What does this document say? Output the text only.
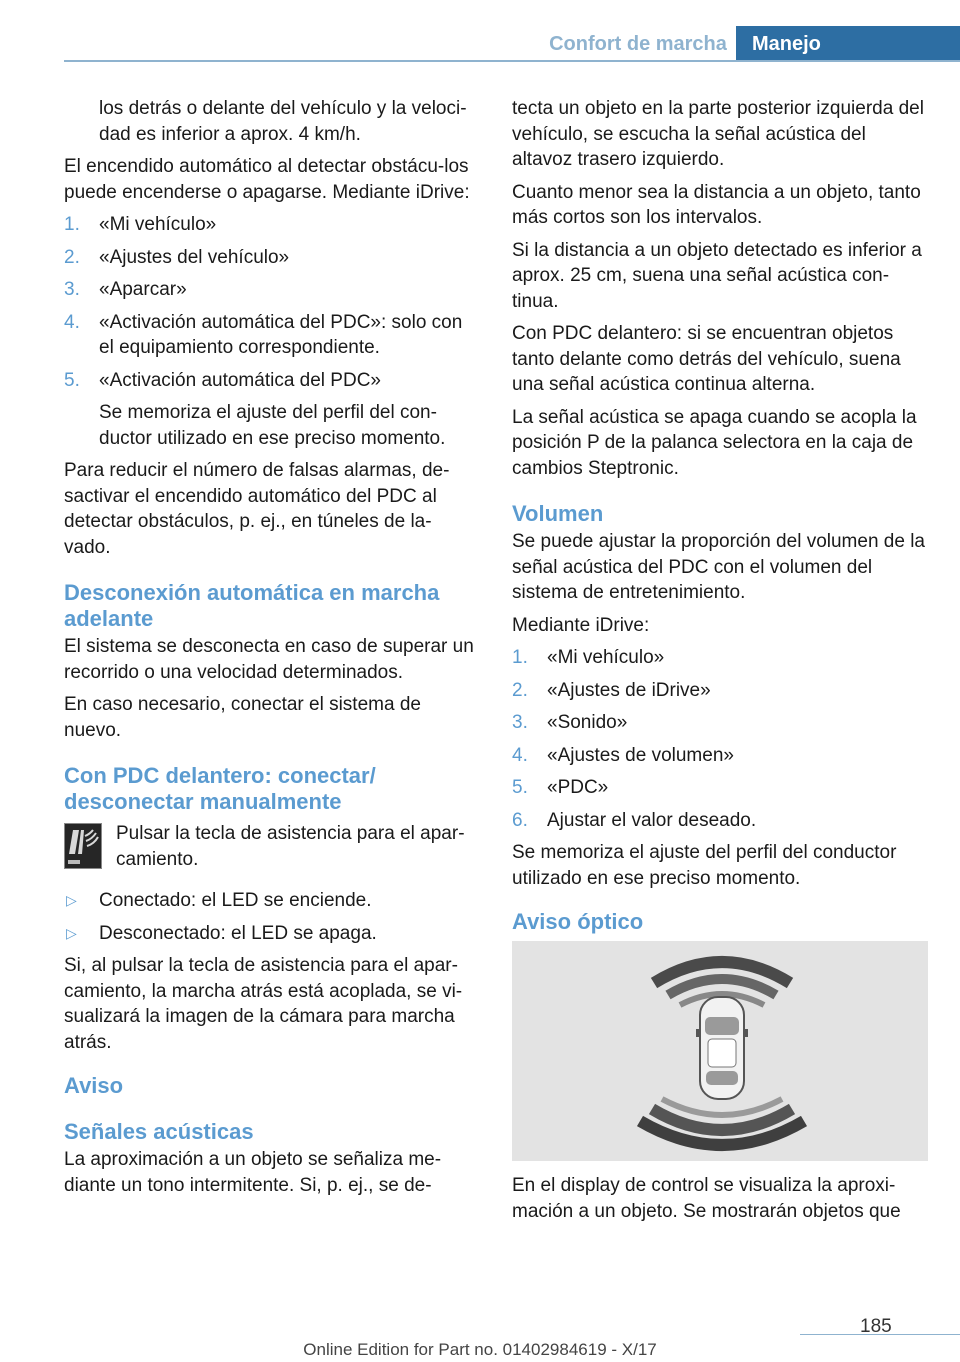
Confort de marcha	Manejo

los detrás o delante del vehículo y la veloci‐dad es inferior a aprox. 4 km/h.

El encendido automático al detectar obstácu‐los puede encenderse o apagarse. Mediante iDrive:

1. «Mi vehículo»
2. «Ajustes del vehículo»
3. «Aparcar»
4. «Activación automática del PDC»: solo con el equipamiento correspondiente.
5. «Activación automática del PDC»
Se memoriza el ajuste del perfil del con‐ductor utilizado en ese preciso momento.

Para reducir el número de falsas alarmas, de‐sactivar el encendido automático del PDC al detectar obstáculos, p. ej., en túneles de la‐vado.

Desconexión automática en marcha adelante

El sistema se desconecta en caso de superar un recorrido o una velocidad determinados.

En caso necesario, conectar el sistema de nuevo.

Con PDC delantero: conectar/ desconectar manualmente
Pulsar la tecla de asistencia para el apar‐camiento.
▷ Conectado: el LED se enciende.
▷ Desconectado: el LED se apaga.

Si, al pulsar la tecla de asistencia para el apar‐camiento, la marcha atrás está acoplada, se vi‐sualizará la imagen de la cámara para marcha atrás.

Aviso
Señales acústicas

La aproximación a un objeto se señaliza me‐diante un tono intermitente. Si, p. ej., se de‐

tecta un objeto en la parte posterior izquierda del vehículo, se escucha la señal acústica del altavoz trasero izquierdo.

Cuanto menor sea la distancia a un objeto, tanto más cortos son los intervalos.

Si la distancia a un objeto detectado es inferior a aprox. 25 cm, suena una señal acústica con‐tinua.

Con PDC delantero: si se encuentran objetos tanto delante como detrás del vehículo, suena una señal acústica continua alterna.

La señal acústica se apaga cuando se acopla la posición P de la palanca selectora en la caja de cambios Steptronic.

Volumen

Se puede ajustar la proporción del volumen de la señal acústica del PDC con el volumen del sistema de entretenimiento.

Mediante iDrive:

1. «Mi vehículo»
2. «Ajustes de iDrive»
3. «Sonido»
4. «Ajustes de volumen»
5. «PDC»
6. Ajustar el valor deseado.

Se memoriza el ajuste del perfil del conductor utilizado en ese preciso momento.

Aviso óptico

En el display de control se visualiza la aproxi‐mación a un objeto. Se mostrarán objetos que

185
Online Edition for Part no. 01402984619 - X/17
